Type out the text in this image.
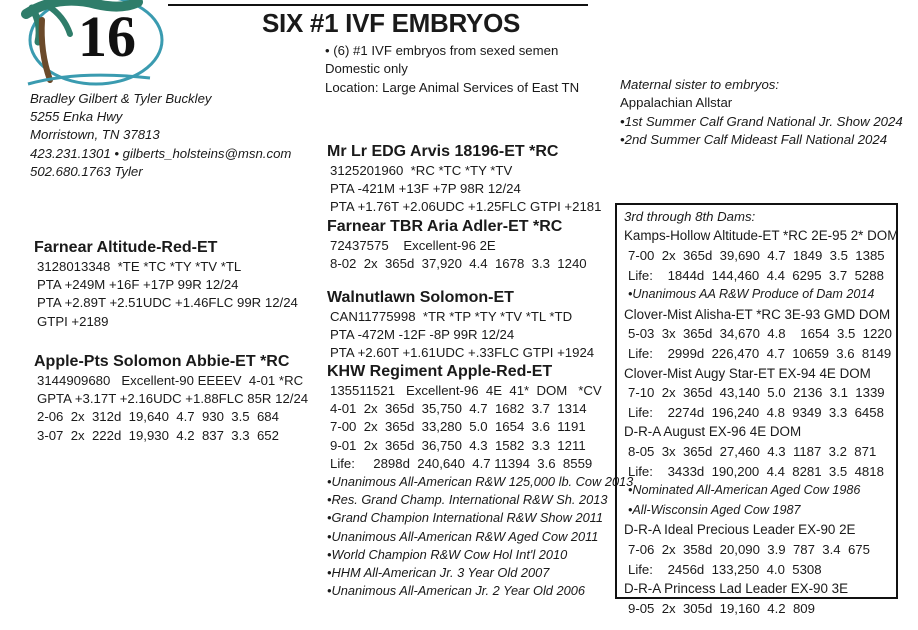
16	SIX #1 IVF EMBRYOS
Bradley Gilbert & Tyler Buckley
5255 Enka Hwy
Morristown, TN 37813
423.231.1301 • gilberts_holsteins@msn.com
502.680.1763 Tyler
• (6) #1 IVF embryos from sexed semen
Domestic only
Location: Large Animal Services of East TN	Maternal sister to embryos:
Appalachian Allstar
•1st Summer Calf Grand National Jr. Show 2024
•2nd Summer Calf Mideast Fall National 2024
Farnear Altitude-Red-ET
3128013348  *TE *TC *TY *TV *TL
PTA +249M +16F +17P 99R 12/24
PTA +2.89T +2.51UDC +1.46FLC 99R 12/24
GTPI +2189
Apple-Pts Solomon Abbie-ET *RC
3144909680   Excellent-90 EEEEV  4-01 *RC
GPTA +3.17T +2.16UDC +1.88FLC 85R 12/24
2-06  2x  312d  19,640  4.7  930  3.5  684
3-07  2x  222d  19,930  4.2  837  3.3  652
Mr Lr EDG Arvis 18196-ET *RC
3125201960  *RC *TC *TY *TV
PTA -421M +13F +7P 98R 12/24
PTA +1.76T +2.06UDC +1.25FLC GTPI +2181
Farnear TBR Aria Adler-ET *RC
72437575    Excellent-96 2E
8-02  2x  365d  37,920  4.4  1678  3.3  1240
Walnutlawn Solomon-ET
CAN11775998  *TR *TP *TY *TV *TL *TD
PTA -472M -12F -8P 99R 12/24
PTA +2.60T +1.61UDC +.33FLC GTPI +1924
KHW Regiment Apple-Red-ET
135511521   Excellent-96  4E  41*  DOM   *CV
4-01  2x  365d  35,750  4.7  1682  3.7  1314
7-00  2x  365d  33,280  5.0  1654  3.6  1191
9-01  2x  365d  36,750  4.3  1582  3.3  1211
Life:     2898d  240,640  4.7 11394  3.6  8559
•Unanimous All-American R&W 125,000 lb. Cow 2013
•Res. Grand Champ. International R&W Sh. 2013
•Grand Champion International R&W Show 2011
•Unanimous All-American R&W Aged Cow 2011
•World Champion R&W Cow Hol Int'l 2010
•HHM All-American Jr. 3 Year Old 2007
•Unanimous All-American Jr. 2 Year Old 2006
3rd through 8th Dams:
Kamps-Hollow Altitude-ET *RC 2E-95 2* DOM
7-00  2x  365d  39,690  4.7  1849  3.5  1385
Life:    1844d  144,460  4.4  6295  3.7  5288
•Unanimous AA R&W Produce of Dam 2014
Clover-Mist Alisha-ET *RC 3E-93 GMD DOM
5-03  3x  365d  34,670  4.8    1654  3.5  1220
Life:    2999d  226,470  4.7  10659  3.6  8149
Clover-Mist Augy Star-ET EX-94 4E DOM
7-10  2x  365d  43,140  5.0  2136  3.1  1339
Life:    2274d  196,240  4.8  9349  3.3  6458
D-R-A August EX-96 4E DOM
8-05  3x  365d  27,460  4.3  1187  3.2  871
Life:    3433d  190,200  4.4  8281  3.5  4818
•Nominated All-American Aged Cow 1986
•All-Wisconsin Aged Cow 1987
D-R-A Ideal Precious Leader EX-90 2E
7-06  2x  358d  20,090  3.9  787  3.4  675
Life:    2456d  133,250  4.0  5308
D-R-A Princess Lad Leader EX-90 3E
9-05  2x  305d  19,160  4.2  809
